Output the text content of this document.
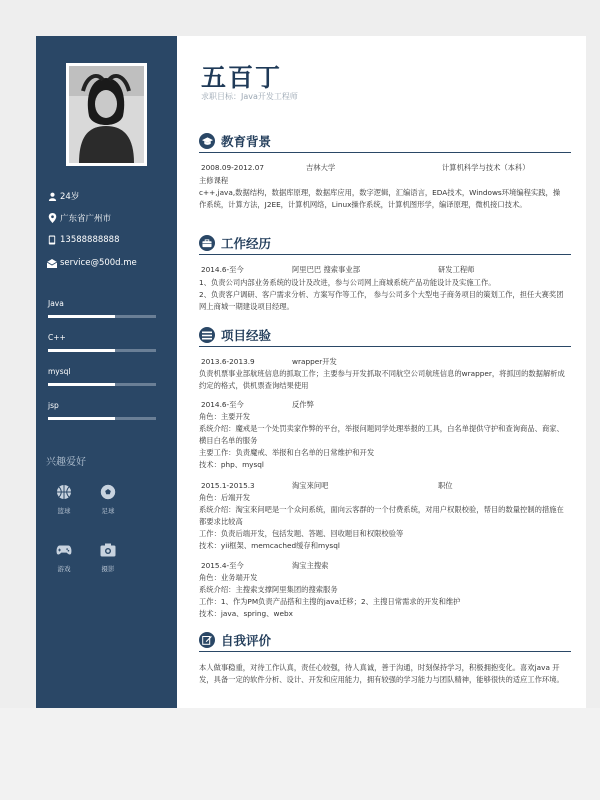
24岁
广东省广州市
13588888888
service@500d.me
Java
C++
mysql
jsp
兴趣爱好
篮球	足球
游戏	摄影
五百丁
求职目标：Java开发工程师
教育背景
2008.09-2012.07	吉林大学	计算机科学与技术（本科）
主修课程
c++,java,数据结构，数据库原理，数据库应用，数字逻辑，汇编语言，EDA技术，Windows环境编程实践，操作系统，计算方法，J2EE，计算机网络，Linux操作系统，计算机图形学，编译原理，微机接口技术。
工作经历
2014.6-至今	阿里巴巴 搜索事业部	研发工程师
1、负责公司内部业务系统的设计及改进，参与公司网上商城系统产品功能设计及实施工作。
2、负责客户调研、客户需求分析、方案写作等工作， 参与公司多个大型电子商务项目的策划工作，担任大赛奖团网上商城一期建设项目经理。
项目经验
2013.6-2013.9	wrapper开发
负责机票事业部航班信息的抓取工作；主要参与开发抓取不同航空公司航班信息的wrapper，将抓回的数据解析成约定的格式，供机票查询结果使用
2014.6-至今	反作弊
角色：主要开发
系统介绍：魔戒是一个处罚卖家作弊的平台，举报问题同学处理举报的工具，白名单提供守护和查询商品、商家、横目白名单的服务
主要工作：负责魔戒、举报和白名单的日常维护和开发
技术：php、mysql
2015.1-2015.3	淘宝來问吧	职位
角色：后端开发
系统介绍：淘宝來问吧是一个众问系统，面向云客群的一个付费系统，对用户权限校验，帮目的数量控制的措施在都要求比较高
工作：负责后端开发，包括发题、答题、回收题目和权限校验等
技术：yii框架、memcached缓存和mysql
2015.4-至今	淘宝主搜索
角色：业务端开发
系统介绍：主搜索支撑阿里集团的搜索服务
工作：1、作为PM负责产品搭和主搜的java迁移；2、主搜日常需求的开发和维护
技术：java、spring、webx
自我评价
本人做事稳重，对待工作认真，责任心较强，待人真诚，善于沟通，时刻保持学习，积极拥抱变化。喜欢java 开发，具备一定的软件分析、设计、开发和应用能力，拥有较强的学习能力与团队精神，能够很快的适应工作环境。
